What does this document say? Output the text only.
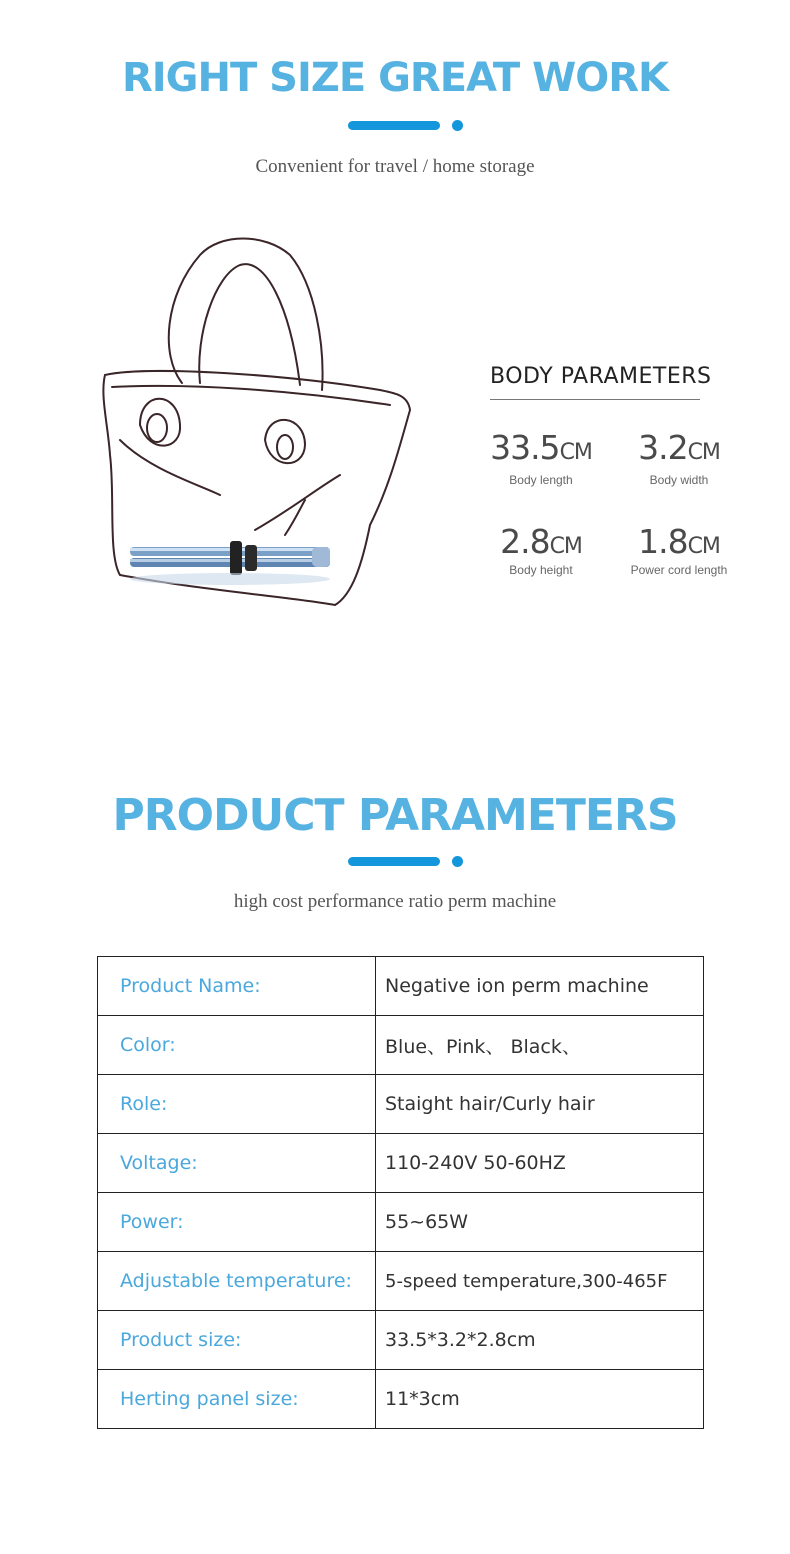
RIGHT SIZE GREAT WORK
Convenient for travel / home storage
BODY PARAMETERS
33.5CM
Body length
3.2CM
Body width
2.8CM
Body height
1.8CM
Power cord length
PRODUCT PARAMETERS
high cost performance ratio perm machine
Product Name:	Negative ion perm machine
Color:	Blue、Pink、 Black、
Role:	Staight hair/Curly hair
Voltage:	110-240V 50-60HZ
Power:	55~65W
Adjustable temperature:	5-speed temperature,300-465F
Product size:	33.5*3.2*2.8cm
Herting panel size:	11*3cm
